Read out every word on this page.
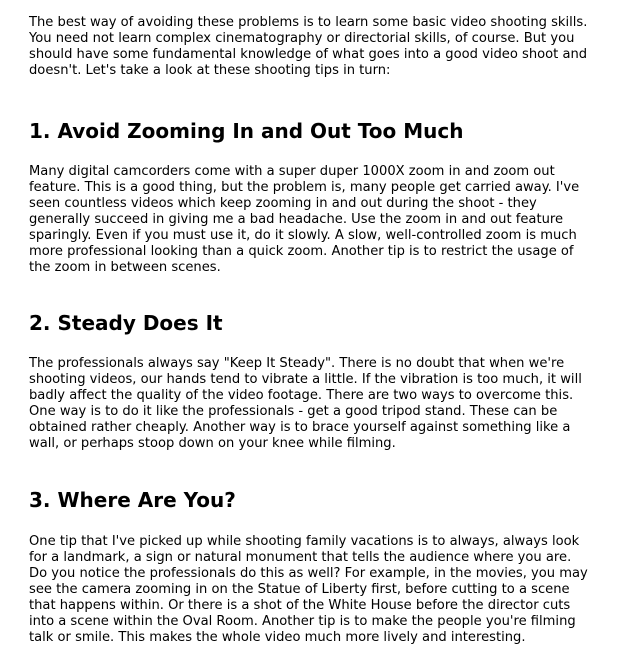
The best way of avoiding these problems is to learn some basic video shooting skills. You need not learn complex cinematography or directorial skills, of course. But you should have some fundamental knowledge of what goes into a good video shoot and doesn't. Let's take a look at these shooting tips in turn:

1. Avoid Zooming In and Out Too Much

Many digital camcorders come with a super duper 1000X zoom in and zoom out feature. This is a good thing, but the problem is, many people get carried away. I've seen countless videos which keep zooming in and out during the shoot - they generally succeed in giving me a bad headache. Use the zoom in and out feature sparingly. Even if you must use it, do it slowly. A slow, well-controlled zoom is much more professional looking than a quick zoom. Another tip is to restrict the usage of the zoom in between scenes.

2. Steady Does It

The professionals always say "Keep It Steady". There is no doubt that when we're shooting videos, our hands tend to vibrate a little. If the vibration is too much, it will badly affect the quality of the video footage. There are two ways to overcome this. One way is to do it like the professionals - get a good tripod stand. These can be obtained rather cheaply. Another way is to brace yourself against something like a wall, or perhaps stoop down on your knee while filming.

3. Where Are You?

One tip that I've picked up while shooting family vacations is to always, always look for a landmark, a sign or natural monument that tells the audience where you are. Do you notice the professionals do this as well? For example, in the movies, you may see the camera zooming in on the Statue of Liberty first, before cutting to a scene that happens within. Or there is a shot of the White House before the director cuts into a scene within the Oval Room. Another tip is to make the people you're filming talk or smile. This makes the whole video much more lively and interesting.
